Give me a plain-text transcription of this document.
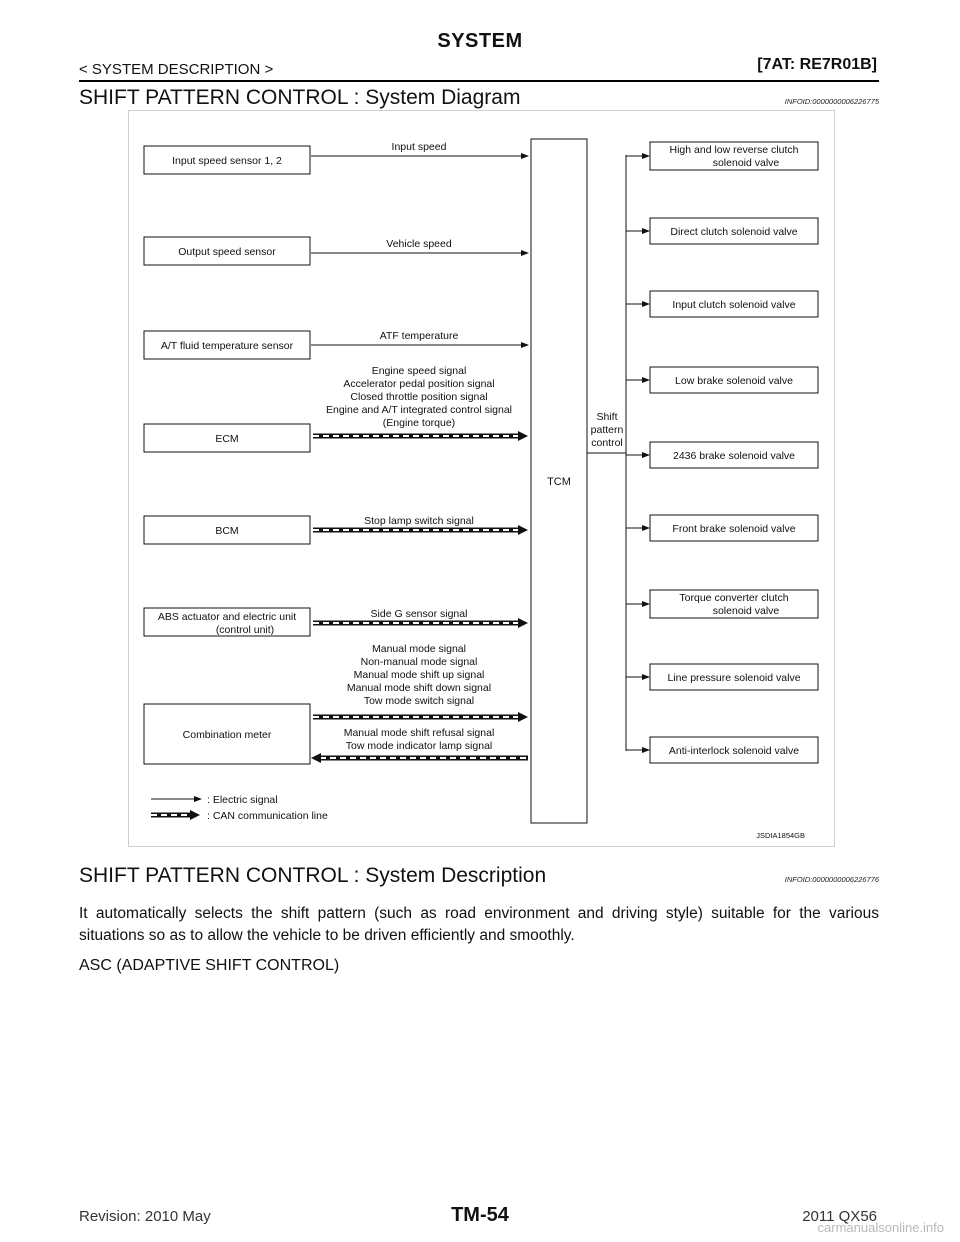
SYSTEM
< SYSTEM DESCRIPTION >	[7AT: RE7R01B]
SHIFT PATTERN CONTROL : System Diagram	INFOID:0000000006226775
TCM
Input speed sensor 1, 2
Input speed
Output speed sensor
Vehicle speed
A/T fluid temperature sensor
ATF temperature
ECM
Engine speed signal
Accelerator pedal position signal
Closed throttle position signal
Engine and A/T integrated control signal
(Engine torque)
BCM
Stop lamp switch signal
ABS actuator and electric unit
(control unit)
Side G sensor signal
Combination meter
Manual mode signal
Non-manual mode signal
Manual mode shift up signal
Manual mode shift down signal
Tow mode switch signal
Manual mode shift refusal signal
Tow mode indicator lamp signal
Shift
pattern
control
High and low reverse clutch
solenoid valve
Direct clutch solenoid valve
Input clutch solenoid valve
Low brake solenoid valve
2436 brake solenoid valve
Front brake solenoid valve
Torque converter clutch
solenoid valve
Line pressure solenoid valve
Anti-interlock solenoid valve
: Electric signal
: CAN communication line
JSDIA1854GB
SHIFT PATTERN CONTROL : System Description	INFOID:0000000006226776
It automatically selects the shift pattern (such as road environment and driving style) suitable for the various situations so as to allow the vehicle to be driven efficiently and smoothly.
ASC (ADAPTIVE SHIFT CONTROL)
Revision: 2010 May	TM-54	2011 QX56
carmanualsonline.info
